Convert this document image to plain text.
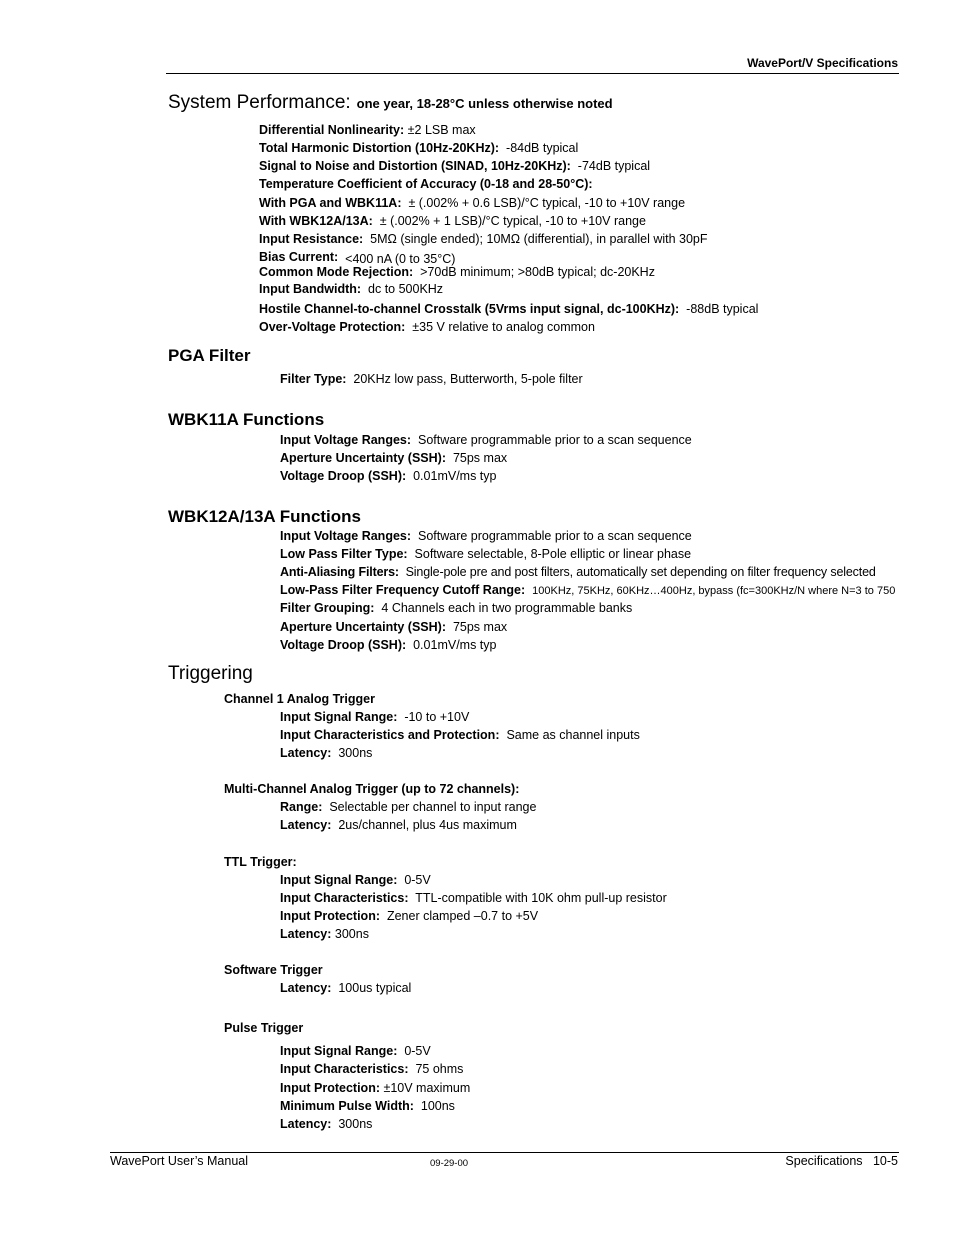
WavePort/V Specifications
System Performance: one year, 18-28°C unless otherwise noted
Differential Nonlinearity: ±2 LSB max
Total Harmonic Distortion (10Hz-20KHz): -84dB typical
Signal to Noise and Distortion (SINAD, 10Hz-20KHz): -74dB typical
Temperature Coefficient of Accuracy (0-18 and 28-50°C):
With PGA and WBK11A: ± (.002% + 0.6 LSB)/°C typical, -10 to +10V range
With WBK12A/13A: ± (.002% + 1 LSB)/°C typical, -10 to +10V range
Input Resistance: 5MΩ (single ended); 10MΩ (differential), in parallel with 30pF
Bias Current: <400 nA (0 to 35°C)
Common Mode Rejection: >70dB minimum; >80dB typical; dc-20KHz
Input Bandwidth: dc to 500KHz
Hostile Channel-to-channel Crosstalk (5Vrms input signal, dc-100KHz): -88dB typical
Over-Voltage Protection: ±35 V relative to analog common
PGA Filter
Filter Type: 20KHz low pass, Butterworth, 5-pole filter
WBK11A Functions
Input Voltage Ranges: Software programmable prior to a scan sequence
Aperture Uncertainty (SSH): 75ps max
Voltage Droop (SSH): 0.01mV/ms typ
WBK12A/13A Functions
Input Voltage Ranges: Software programmable prior to a scan sequence
Low Pass Filter Type: Software selectable, 8-Pole elliptic or linear phase
Anti-Aliasing Filters: Single-pole pre and post filters, automatically set depending on filter frequency selected
Low-Pass Filter Frequency Cutoff Range: 100KHz, 75KHz, 60KHz…400Hz, bypass (fc=300KHz/N where N=3 to 750
Filter Grouping: 4 Channels each in two programmable banks
Aperture Uncertainty (SSH): 75ps max
Voltage Droop (SSH): 0.01mV/ms typ
Triggering
Channel 1 Analog Trigger
Input Signal Range: -10 to +10V
Input Characteristics and Protection: Same as channel inputs
Latency: 300ns
Multi-Channel Analog Trigger (up to 72 channels):
Range: Selectable per channel to input range
Latency: 2us/channel, plus 4us maximum
TTL Trigger:
Input Signal Range: 0-5V
Input Characteristics: TTL-compatible with 10K ohm pull-up resistor
Input Protection: Zener clamped –0.7 to +5V
Latency: 300ns
Software Trigger
Latency: 100us typical
Pulse Trigger
Input Signal Range: 0-5V
Input Characteristics: 75 ohms
Input Protection: ±10V maximum
Minimum Pulse Width: 100ns
Latency: 300ns
WavePort User’s Manual	09-29-00	Specifications 10-5
